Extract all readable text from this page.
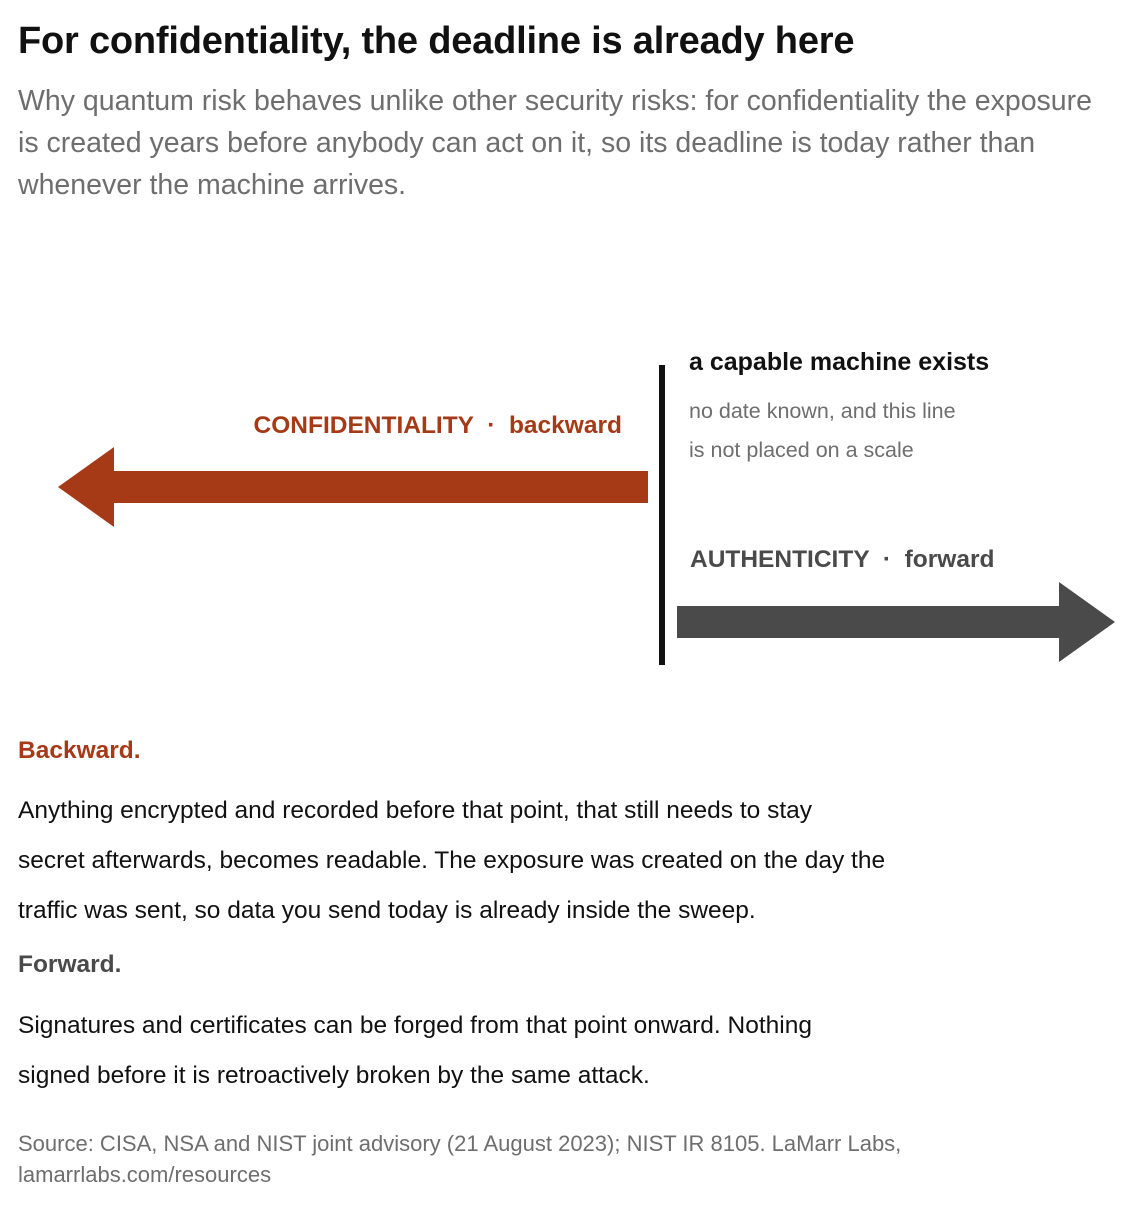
For confidentiality, the deadline is already here

Why quantum risk behaves unlike other security risks: for confidentiality the exposure is created years before anybody can act on it, so its deadline is today rather than whenever the machine arrives.

CONFIDENTIALITY  ·  backward
a capable machine exists
no date known, and this line
is not placed on a scale
AUTHENTICITY  ·  forward

Backward.

Anything encrypted and recorded before that point, that still needs to stay
secret afterwards, becomes readable. The exposure was created on the day the
traffic was sent, so data you send today is already inside the sweep.

Forward.

Signatures and certificates can be forged from that point onward. Nothing
signed before it is retroactively broken by the same attack.
Source: CISA, NSA and NIST joint advisory (21 August 2023); NIST IR 8105. LaMarr Labs,
lamarrlabs.com/resources
